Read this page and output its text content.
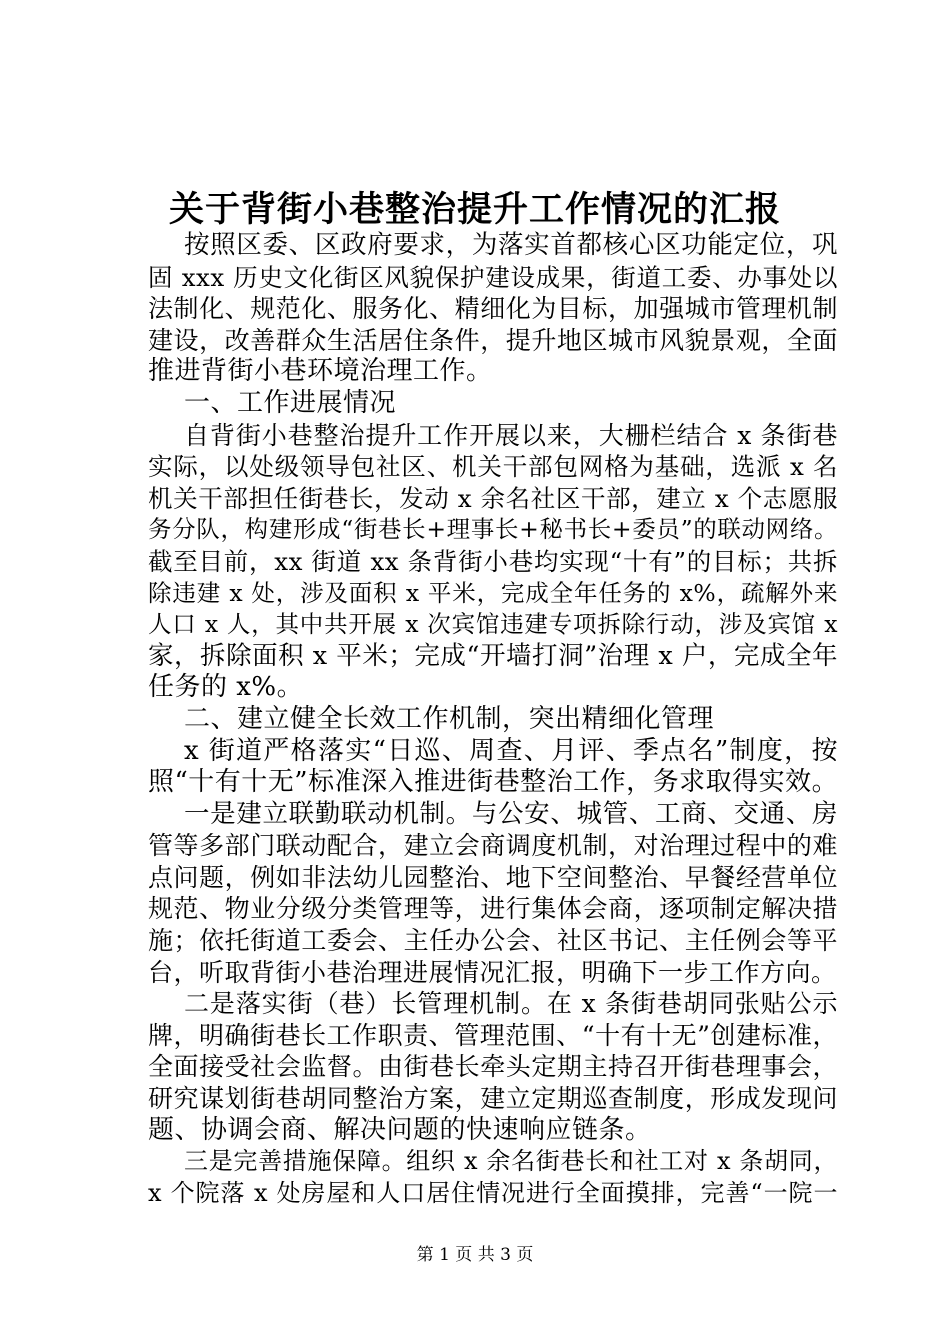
关于背街小巷整治提升工作情况的汇报
按照区委、区政府要求，为落实首都核心区功能定位，巩
固 xxx 历史文化街区风貌保护建设成果，街道工委、办事处以
法制化、规范化、服务化、精细化为目标，加强城市管理机制
建设，改善群众生活居住条件，提升地区城市风貌景观，全面
推进背街小巷环境治理工作。
一、工作进展情况
自背街小巷整治提升工作开展以来，大栅栏结合 x 条街巷
实际，以处级领导包社区、机关干部包网格为基础，选派 x 名
机关干部担任街巷长，发动 x 余名社区干部，建立 x 个志愿服
务分队，构建形成“街巷长+理事长+秘书长+委员”的联动网络。
截至目前，xx 街道 xx 条背街小巷均实现“十有”的目标；共拆
除违建 x 处，涉及面积 x 平米，完成全年任务的 x%，疏解外来
人口 x 人，其中共开展 x 次宾馆违建专项拆除行动，涉及宾馆 x
家，拆除面积 x 平米；完成“开墙打洞”治理 x 户，完成全年
任务的 x%。
二、建立健全长效工作机制，突出精细化管理
x 街道严格落实“日巡、周查、月评、季点名”制度，按
照“十有十无”标准深入推进街巷整治工作，务求取得实效。
一是建立联勤联动机制。与公安、城管、工商、交通、房
管等多部门联动配合，建立会商调度机制，对治理过程中的难
点问题，例如非法幼儿园整治、地下空间整治、早餐经营单位
规范、物业分级分类管理等，进行集体会商，逐项制定解决措
施；依托街道工委会、主任办公会、社区书记、主任例会等平
台，听取背街小巷治理进展情况汇报，明确下一步工作方向。
二是落实街（巷）长管理机制。在 x 条街巷胡同张贴公示
牌，明确街巷长工作职责、管理范围、“十有十无”创建标准，
全面接受社会监督。由街巷长牵头定期主持召开街巷理事会，
研究谋划街巷胡同整治方案，建立定期巡查制度，形成发现问
题、协调会商、解决问题的快速响应链条。
三是完善措施保障。组织 x 余名街巷长和社工对 x 条胡同，
x 个院落 x 处房屋和人口居住情况进行全面摸排，完善“一院一
第 1 页 共 3 页
